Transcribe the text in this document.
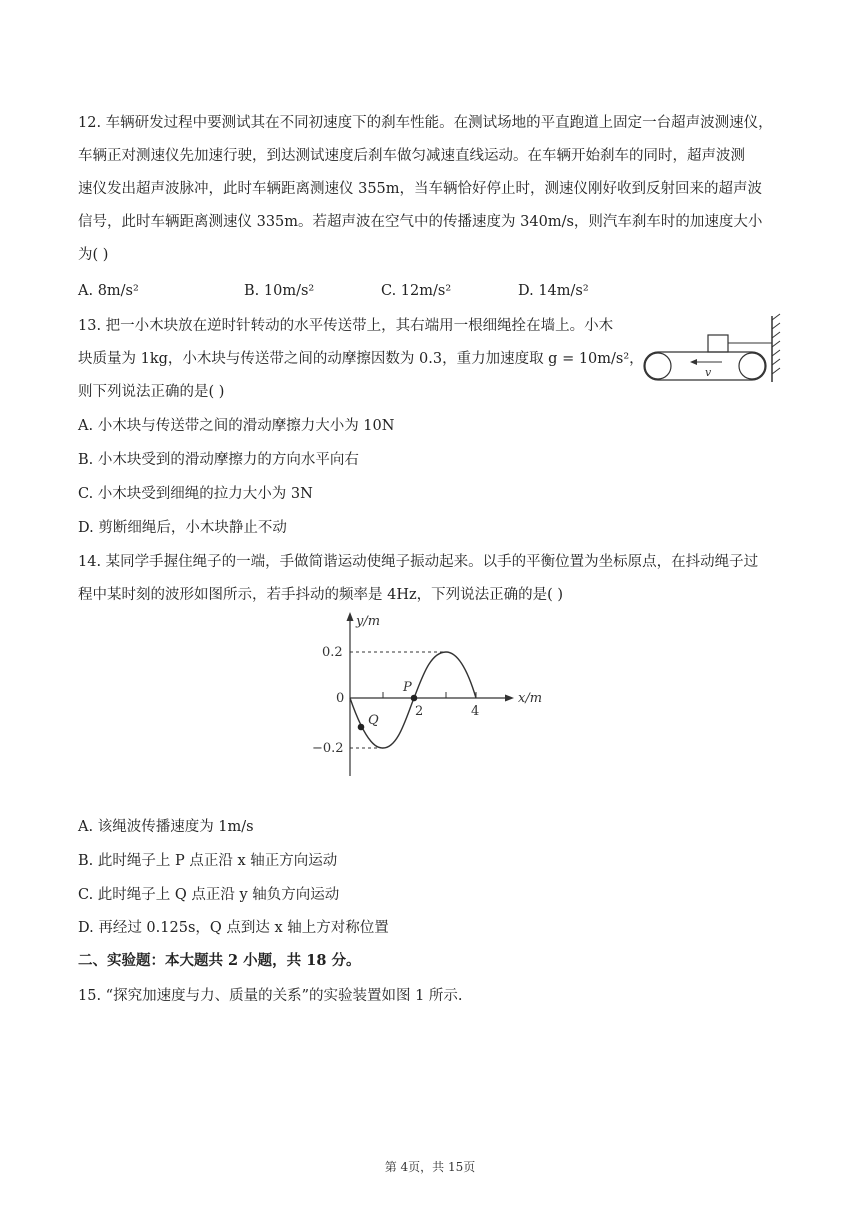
12. 车辆研发过程中要测试其在不同初速度下的刹车性能。在测试场地的平直跑道上固定一台超声波测速仪，
车辆正对测速仪先加速行驶，到达测试速度后刹车做匀减速直线运动。在车辆开始刹车的同时，超声波测
速仪发出超声波脉冲，此时车辆距离测速仪 355m，当车辆恰好停止时，测速仪刚好收到反射回来的超声波
信号，此时车辆距离测速仪 335m。若超声波在空气中的传播速度为 340m/s，则汽车刹车时的加速度大小
为( )
A. 8m/s²	B. 10m/s²	C. 12m/s²	D. 14m/s²
13. 把一小木块放在逆时针转动的水平传送带上，其右端用一根细绳拴在墙上。小木
块质量为 1kg，小木块与传送带之间的动摩擦因数为 0.3，重力加速度取 g = 10m/s²，
则下列说法正确的是( )
A. 小木块与传送带之间的滑动摩擦力大小为 10N
B. 小木块受到的滑动摩擦力的方向水平向右
C. 小木块受到细绳的拉力大小为 3N
D. 剪断细绳后，小木块静止不动
v
14. 某同学手握住绳子的一端，手做简谐运动使绳子振动起来。以手的平衡位置为坐标原点，在抖动绳子过
程中某时刻的波形如图所示，若手抖动的频率是 4Hz，下列说法正确的是( )
y/m
x/m
0
0.2
−0.2
2	4
P
Q
A. 该绳波传播速度为 1m/s
B. 此时绳子上 P 点正沿 x 轴正方向运动
C. 此时绳子上 Q 点正沿 y 轴负方向运动
D. 再经过 0.125s，Q 点到达 x 轴上方对称位置
二、实验题：本大题共 2 小题，共 18 分。
15. “探究加速度与力、质量的关系”的实验装置如图 1 所示.
第 4页，共 15页
